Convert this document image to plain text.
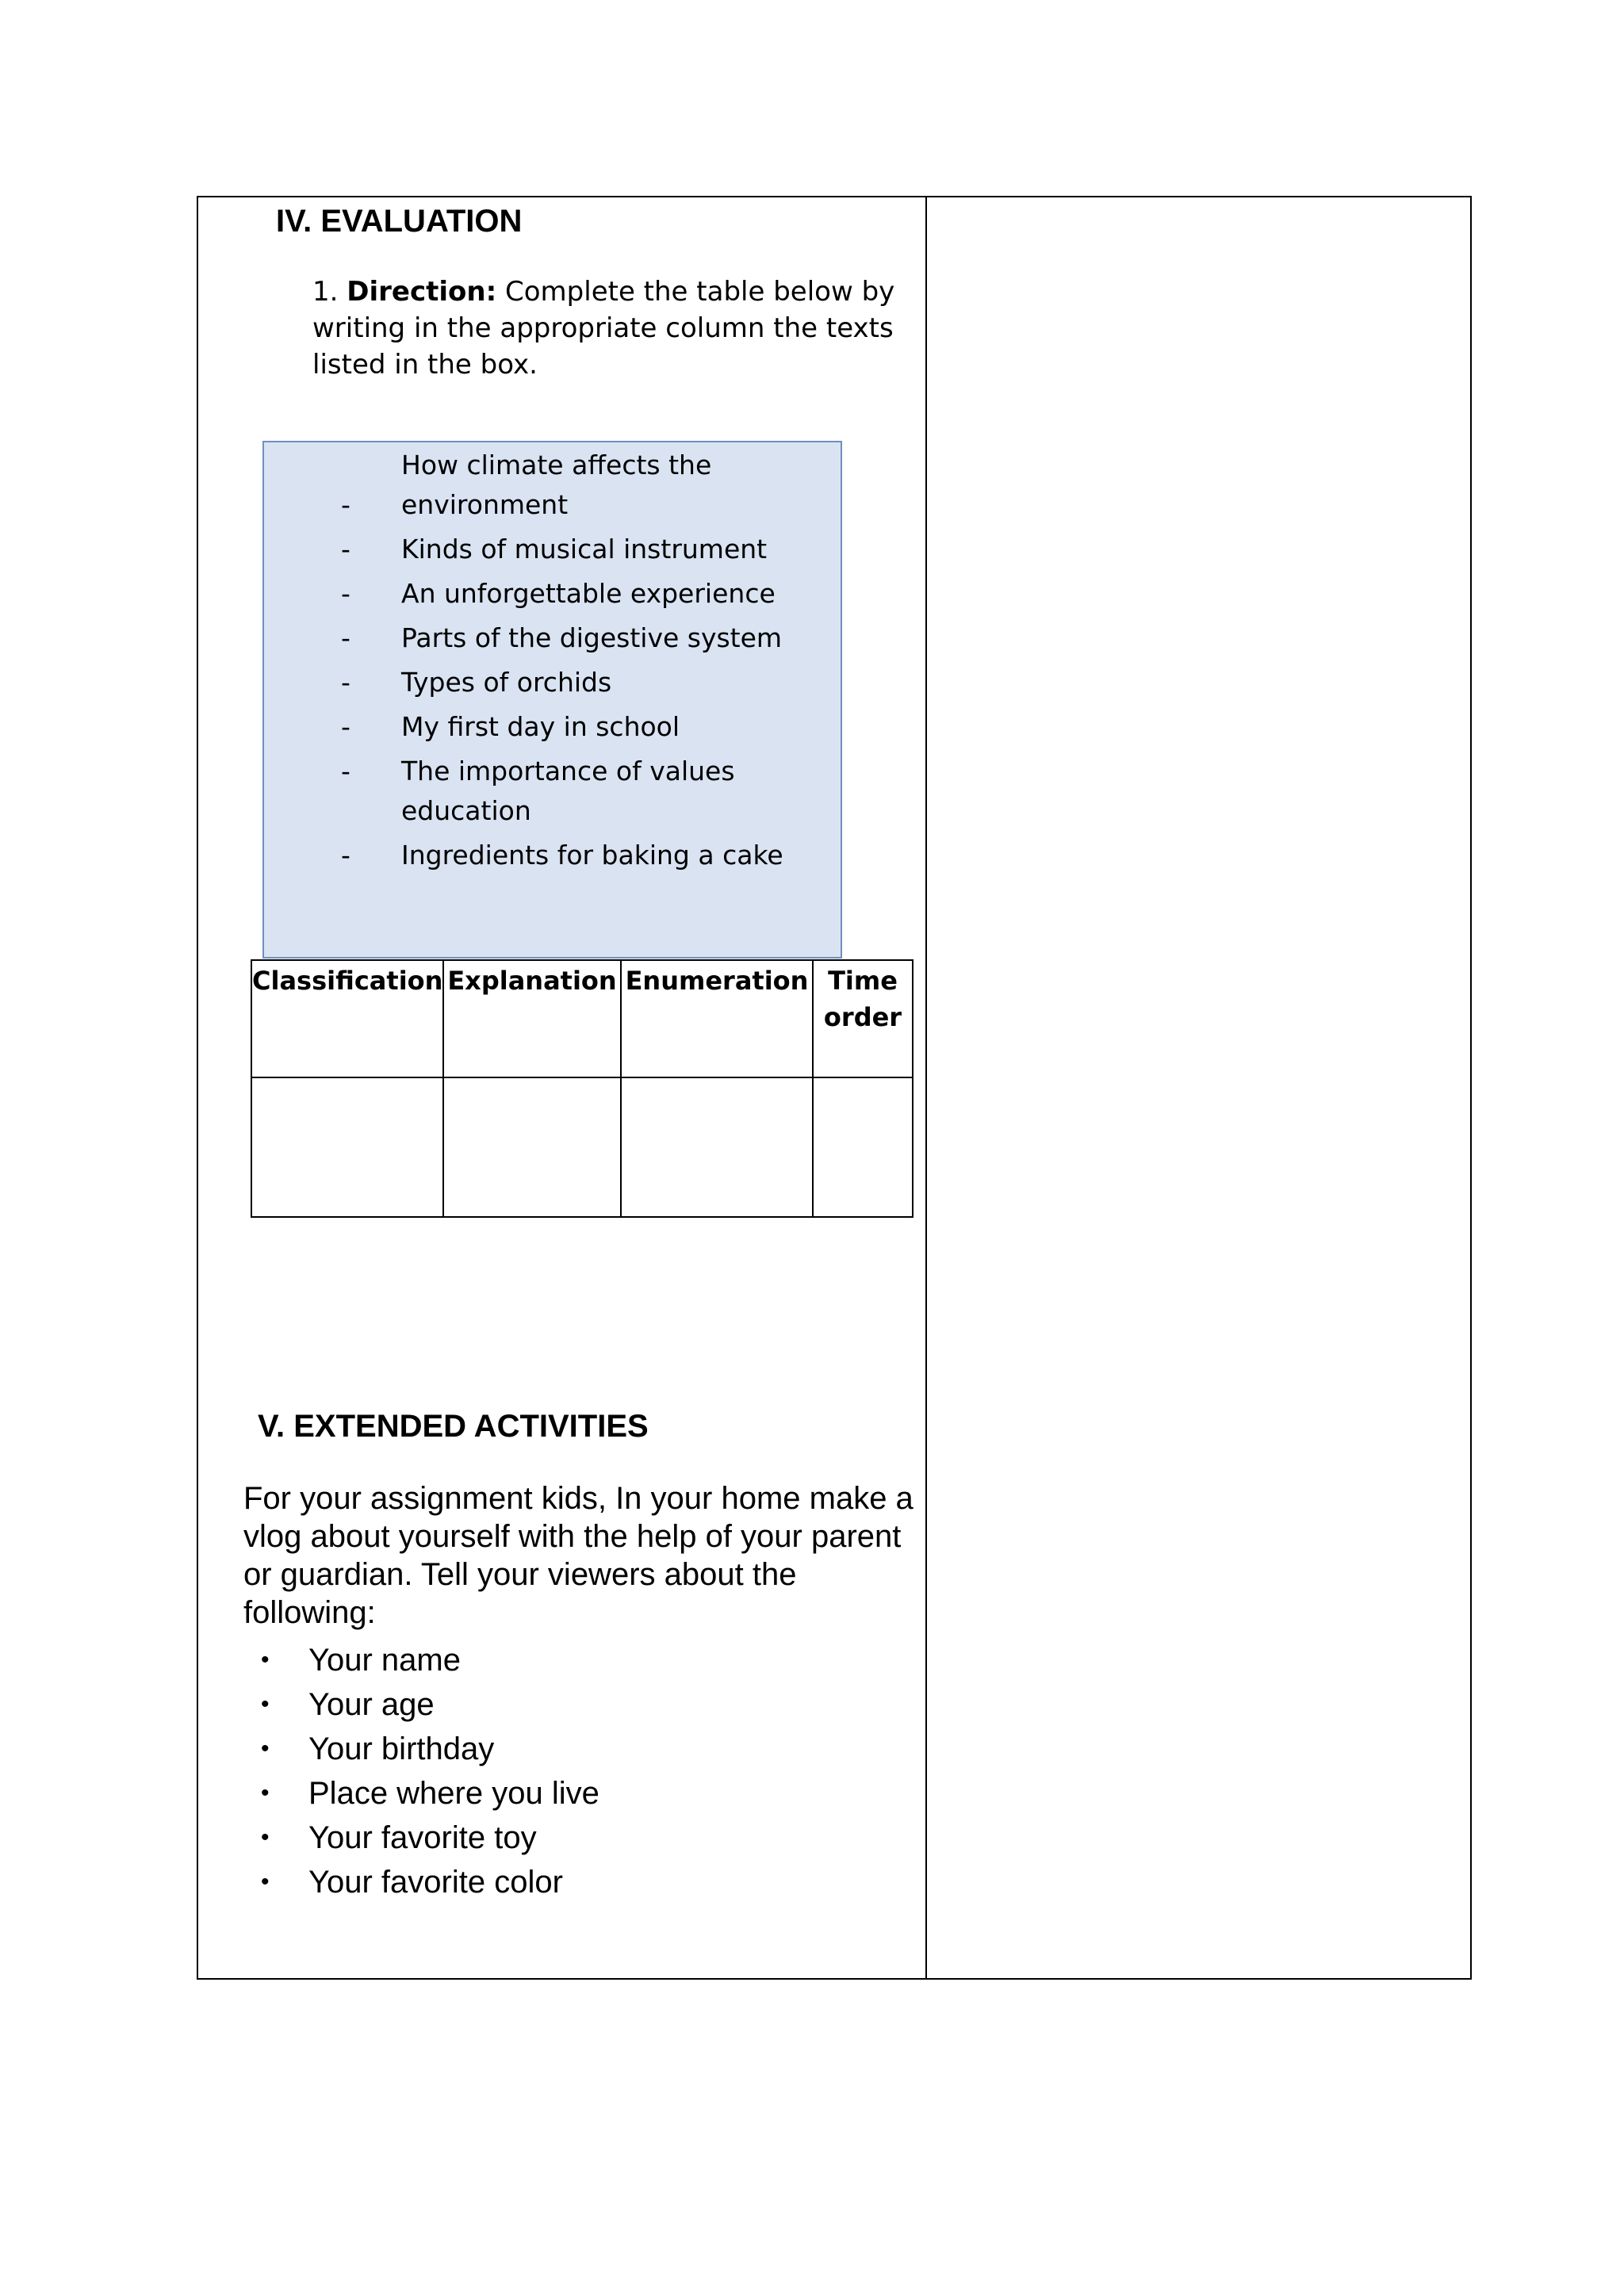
IV. EVALUATION
1. Direction: Complete the table below by writing in the appropriate column the texts listed in the box.
-
How climate affects the environment
- Kinds of musical instrument
- An unforgettable experience
- Parts of the digestive system
- Types of orchids
- My first day in school
- The importance of values education
- Ingredients for baking a cake
Classification	Explanation	Enumeration	Time order

V. EXTENDED ACTIVITIES
For your assignment kids, In your home make a vlog about yourself with the help of your parent or guardian. Tell your viewers about the following:
• Your name
• Your age
• Your birthday
• Place where you live
• Your favorite toy
• Your favorite color
